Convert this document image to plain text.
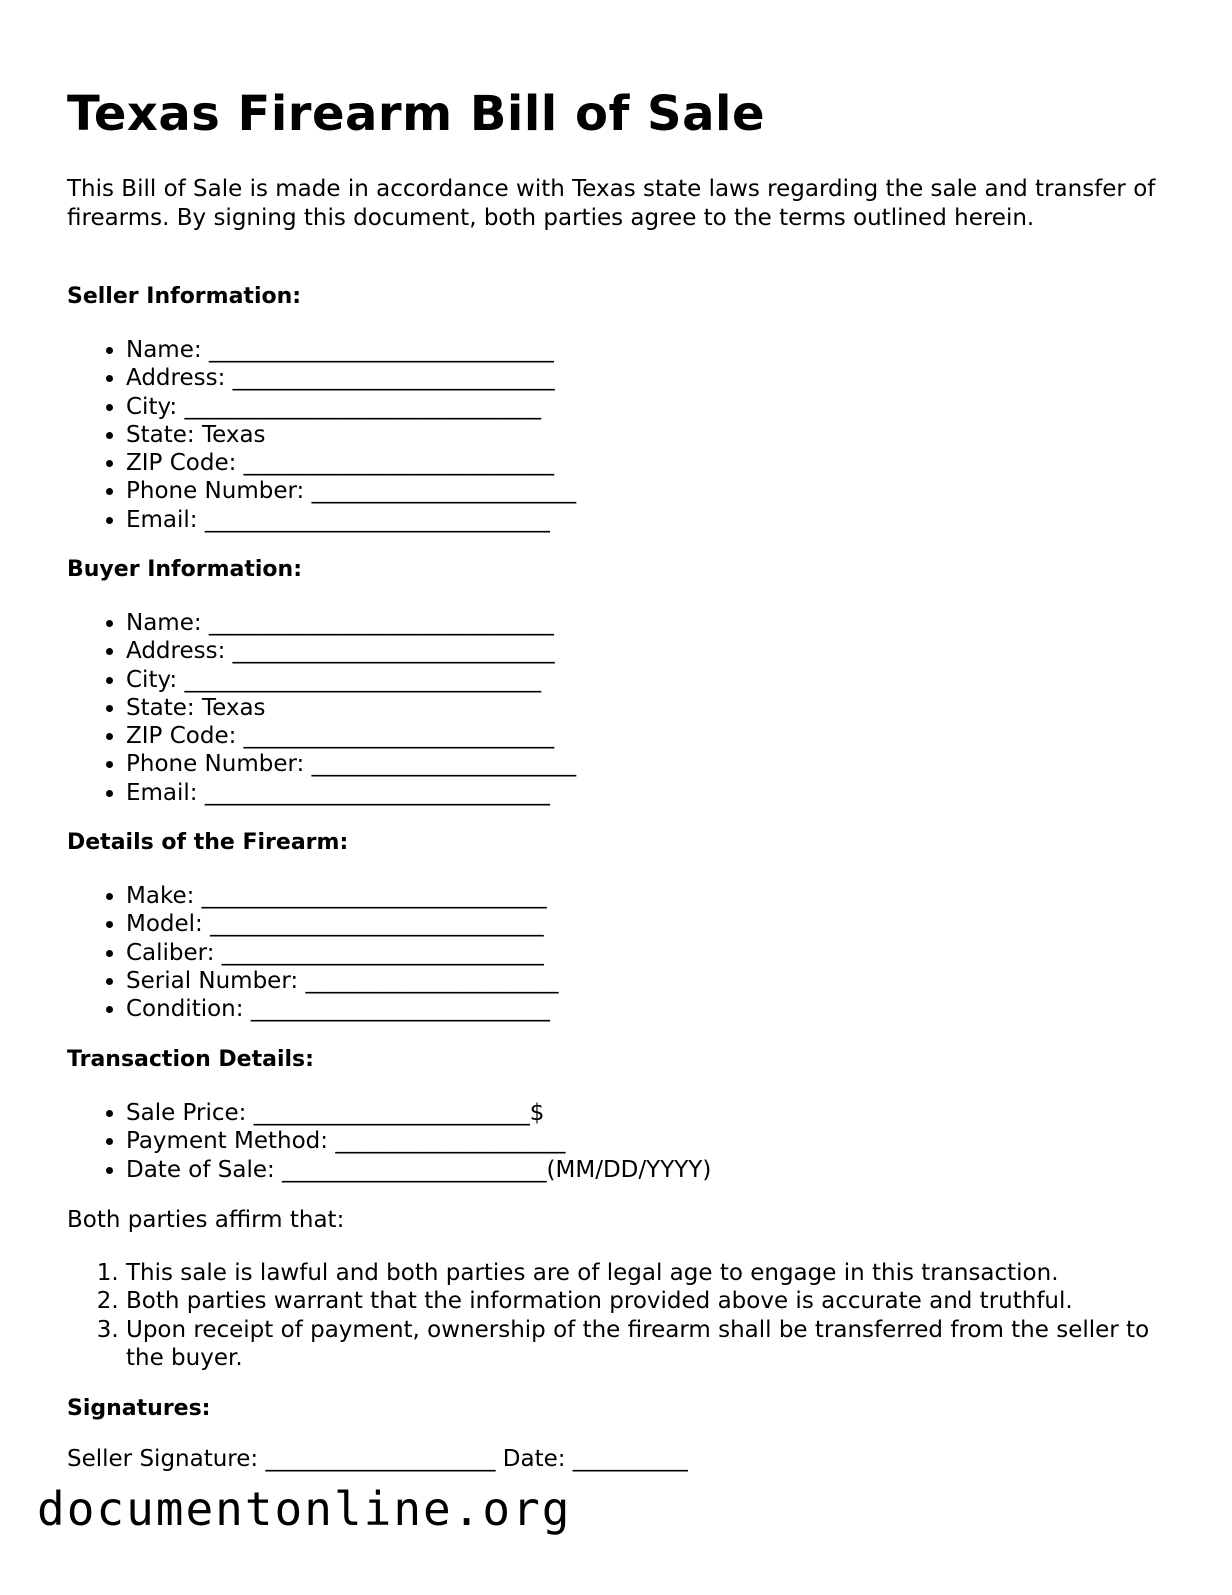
Texas Firearm Bill of Sale

This Bill of Sale is made in accordance with Texas state laws regarding the sale and transfer of firearms. By signing this document, both parties agree to the terms outlined herein.

Seller Information:

• Name: ______________________________
• Address: ____________________________
• City: _______________________________
• State: Texas
• ZIP Code: ___________________________
• Phone Number: _______________________
• Email: ______________________________

Buyer Information:

• Name: ______________________________
• Address: ____________________________
• City: _______________________________
• State: Texas
• ZIP Code: ___________________________
• Phone Number: _______________________
• Email: ______________________________

Details of the Firearm:

• Make: ______________________________
• Model: _____________________________
• Caliber: ____________________________
• Serial Number: ______________________
• Condition: __________________________

Transaction Details:

• Sale Price: ________________________$
• Payment Method: ____________________
• Date of Sale: _______________________(MM/DD/YYYY)

Both parties affirm that:

1. This sale is lawful and both parties are of legal age to engage in this transaction.
2. Both parties warrant that the information provided above is accurate and truthful.
3. Upon receipt of payment, ownership of the firearm shall be transferred from the seller to the buyer.

Signatures:

Seller Signature: ____________________ Date: __________

documentonline.org
